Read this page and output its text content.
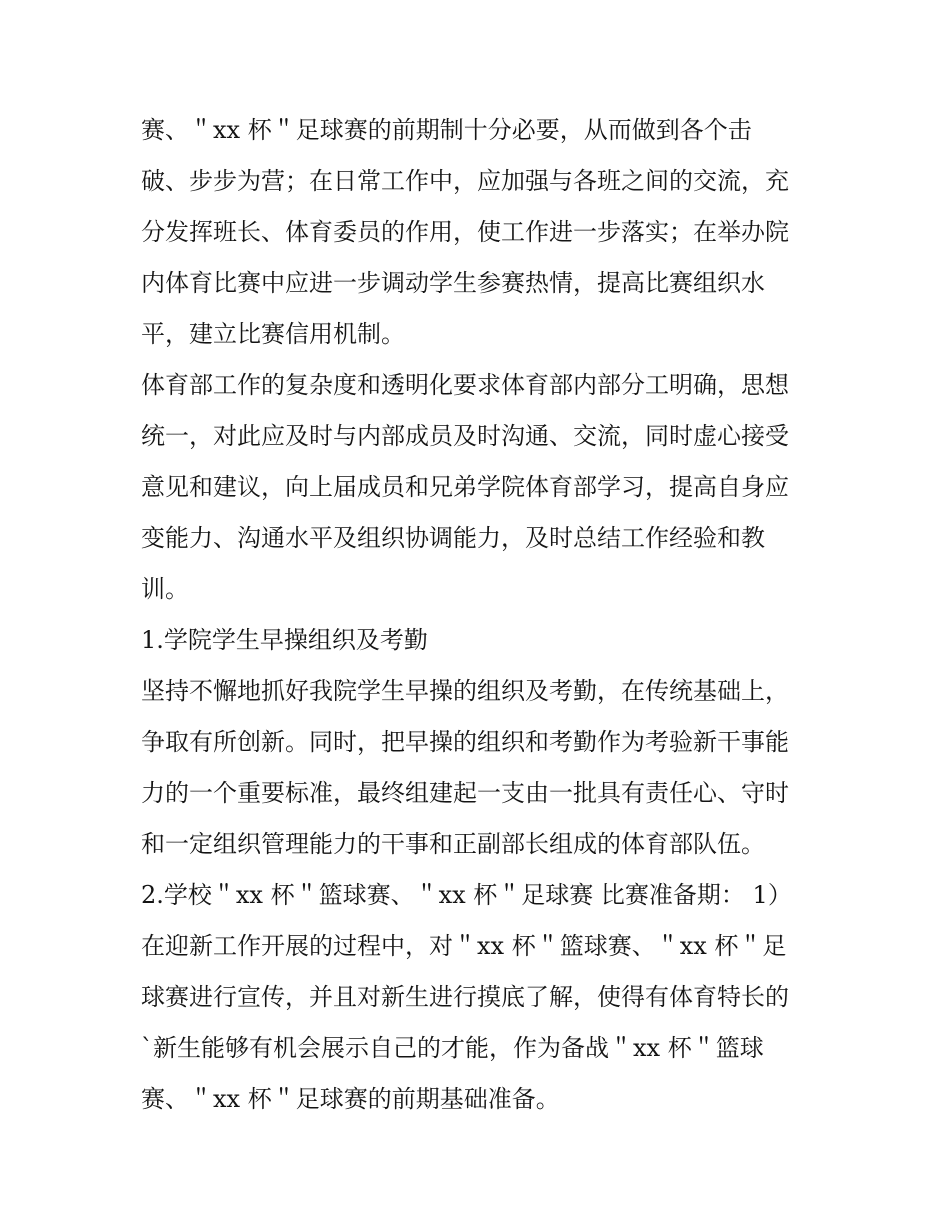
赛、＂xx 杯＂足球赛的前期制十分必要，从而做到各个击
破、步步为营；在日常工作中，应加强与各班之间的交流，充
分发挥班长、体育委员的作用，使工作进一步落实；在举办院
内体育比赛中应进一步调动学生参赛热情，提高比赛组织水
平，建立比赛信用机制。
体育部工作的复杂度和透明化要求体育部内部分工明确，思想
统一，对此应及时与内部成员及时沟通、交流，同时虚心接受
意见和建议，向上届成员和兄弟学院体育部学习，提高自身应
变能力、沟通水平及组织协调能力，及时总结工作经验和教
训。
1.学院学生早操组织及考勤
坚持不懈地抓好我院学生早操的组织及考勤，在传统基础上，
争取有所创新。同时，把早操的组织和考勤作为考验新干事能
力的一个重要标准，最终组建起一支由一批具有责任心、守时
和一定组织管理能力的干事和正副部长组成的体育部队伍。
2.学校＂xx 杯＂篮球赛、＂xx 杯＂足球赛 比赛准备期： 1）
在迎新工作开展的过程中，对＂xx 杯＂篮球赛、＂xx 杯＂足
球赛进行宣传，并且对新生进行摸底了解，使得有体育特长的
`新生能够有机会展示自己的才能，作为备战＂xx 杯＂篮球
赛、＂xx 杯＂足球赛的前期基础准备。
